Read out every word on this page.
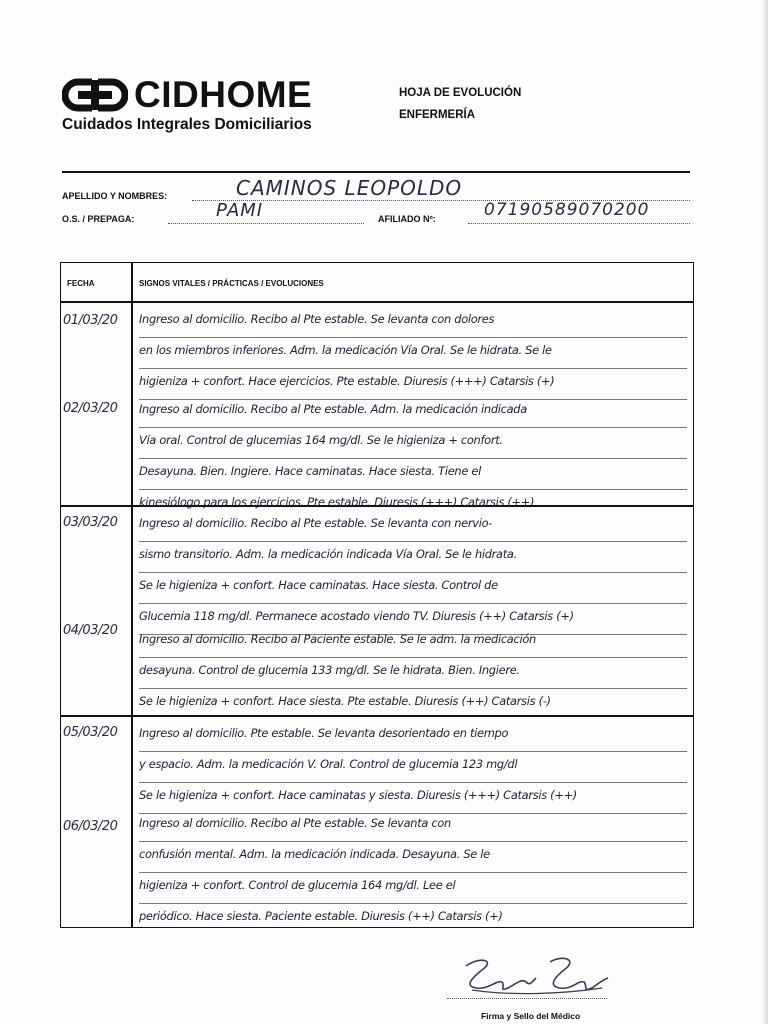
CIDHOME
Cuidados Integrales Domiciliarios
HOJA DE EVOLUCIÓN
ENFERMERÍA
APELLIDO Y NOMBRES:	CAMINOS LEOPOLDO
O.S. / PREPAGA:	PAMI	AFILIADO Nº:	07190589070200
FECHA	SIGNOS VITALES / PRÁCTICAS / EVOLUCIONES
01/03/20 Ingreso al domicilio. Recibo al Pte estable. Se levanta con dolores
en los miembros inferiores. Adm. la medicación Vía Oral. Se le hidrata. Se le
higieniza + confort. Hace ejercicios. Pte estable. Diuresis (+++) Catarsis (+)
02/03/20 Ingreso al domicilio. Recibo al Pte estable. Adm. la medicación indicada
Vía oral. Control de glucemias 164 mg/dl. Se le higieniza + confort.
Desayuna. Bien. Ingiere. Hace caminatas. Hace siesta. Tiene el
kinesiólogo para los ejercicios. Pte estable. Diuresis (+++) Catarsis (++)
03/03/20 Ingreso al domicilio. Recibo al Pte estable. Se levanta con nervio-
sismo transitorio. Adm. la medicación indicada Vía Oral. Se le hidrata.
Se le higieniza + confort. Hace caminatas. Hace siesta. Control de
Glucemia 118 mg/dl. Permanece acostado viendo TV. Diuresis (++) Catarsis (+)
04/03/20
Ingreso al domicilio. Recibo al Paciente estable. Se le adm. la medicación
desayuna. Control de glucemia 133 mg/dl. Se le hidrata. Bien. Ingiere.
Se le higieniza + confort. Hace siesta. Pte estable. Diuresis (++) Catarsis (-)
05/03/20 Ingreso al domicilio. Pte estable. Se levanta desorientado en tiempo
y espacio. Adm. la medicación V. Oral. Control de glucemia 123 mg/dl
Se le higieniza + confort. Hace caminatas y siesta. Diuresis (+++) Catarsis (++)
06/03/20 Ingreso al domicilio. Recibo al Pte estable. Se levanta con
confusión mental. Adm. la medicación indicada. Desayuna. Se le
higieniza + confort. Control de glucemia 164 mg/dl. Lee el
periódico. Hace siesta. Paciente estable. Diuresis (++) Catarsis (+)
Firma y Sello del Médico
